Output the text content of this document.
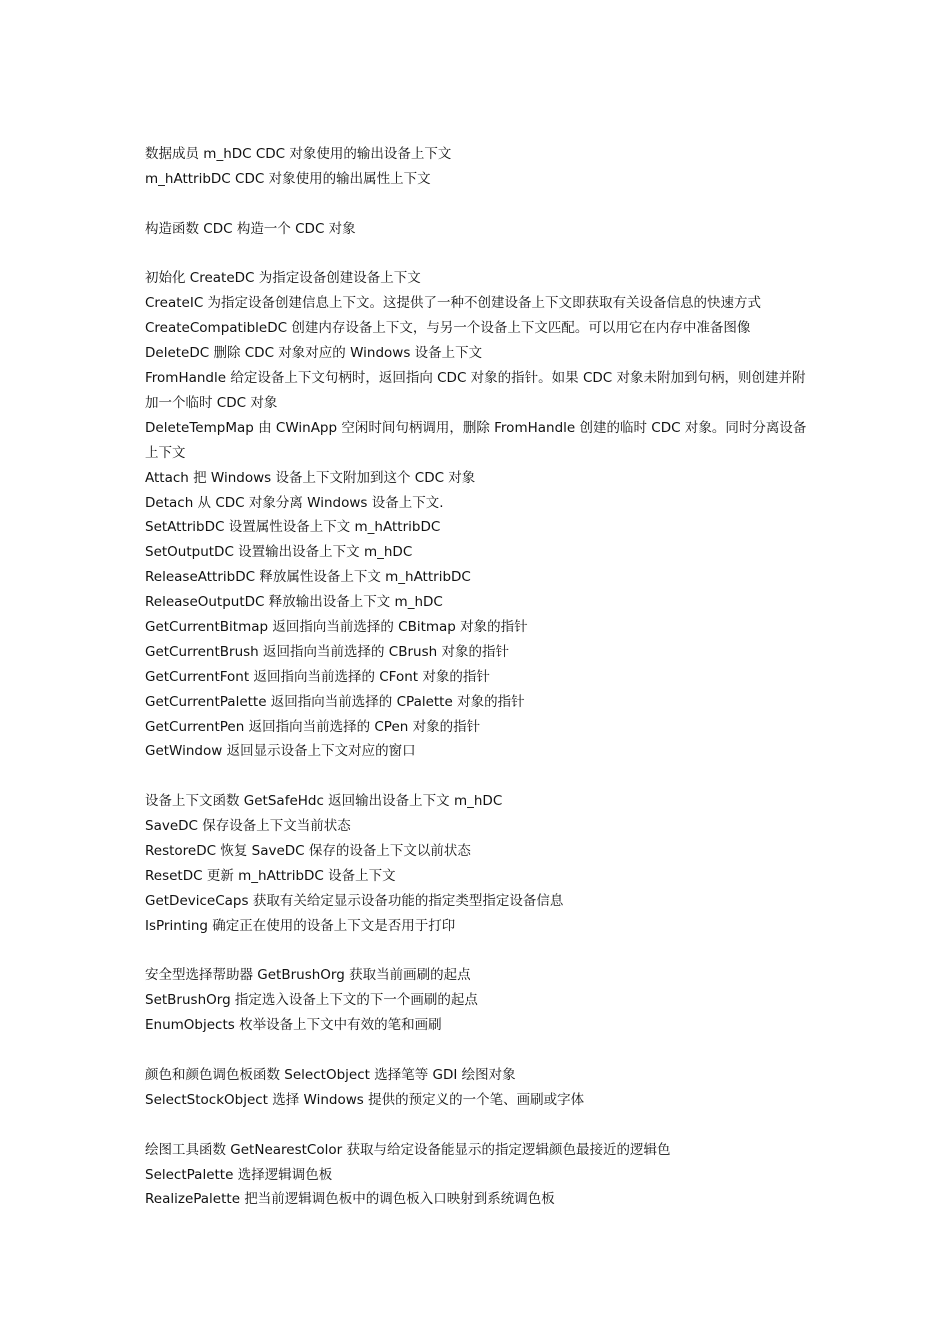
数据成员 m_hDC CDC 对象使用的输出设备上下文
m_hAttribDC CDC 对象使用的输出属性上下文
构造函数 CDC 构造一个 CDC 对象
初始化 CreateDC 为指定设备创建设备上下文
CreateIC 为指定设备创建信息上下文。这提供了一种不创建设备上下文即获取有关设备信息的快速方式
CreateCompatibleDC 创建内存设备上下文，与另一个设备上下文匹配。可以用它在内存中准备图像
DeleteDC 删除 CDC 对象对应的 Windows 设备上下文
FromHandle 给定设备上下文句柄时，返回指向 CDC 对象的指针。如果 CDC 对象未附加到句柄，则创建并附加一个临时 CDC 对象
DeleteTempMap 由 CWinApp 空闲时间句柄调用，删除 FromHandle 创建的临时 CDC 对象。同时分离设备上下文
Attach 把 Windows 设备上下文附加到这个 CDC 对象
Detach 从 CDC 对象分离 Windows 设备上下文.
SetAttribDC 设置属性设备上下文 m_hAttribDC
SetOutputDC 设置输出设备上下文 m_hDC
ReleaseAttribDC 释放属性设备上下文 m_hAttribDC
ReleaseOutputDC 释放输出设备上下文 m_hDC
GetCurrentBitmap 返回指向当前选择的 CBitmap 对象的指针
GetCurrentBrush 返回指向当前选择的 CBrush 对象的指针
GetCurrentFont 返回指向当前选择的 CFont 对象的指针
GetCurrentPalette 返回指向当前选择的 CPalette 对象的指针
GetCurrentPen 返回指向当前选择的 CPen 对象的指针
GetWindow 返回显示设备上下文对应的窗口
设备上下文函数 GetSafeHdc 返回输出设备上下文 m_hDC
SaveDC 保存设备上下文当前状态
RestoreDC 恢复 SaveDC 保存的设备上下文以前状态
ResetDC 更新 m_hAttribDC 设备上下文
GetDeviceCaps 获取有关给定显示设备功能的指定类型指定设备信息
IsPrinting 确定正在使用的设备上下文是否用于打印
安全型选择帮助器 GetBrushOrg 获取当前画刷的起点
SetBrushOrg 指定选入设备上下文的下一个画刷的起点
EnumObjects 枚举设备上下文中有效的笔和画刷
颜色和颜色调色板函数 SelectObject 选择笔等 GDI 绘图对象
SelectStockObject 选择 Windows 提供的预定义的一个笔、画刷或字体
绘图工具函数 GetNearestColor 获取与给定设备能显示的指定逻辑颜色最接近的逻辑色
SelectPalette 选择逻辑调色板
RealizePalette 把当前逻辑调色板中的调色板入口映射到系统调色板
